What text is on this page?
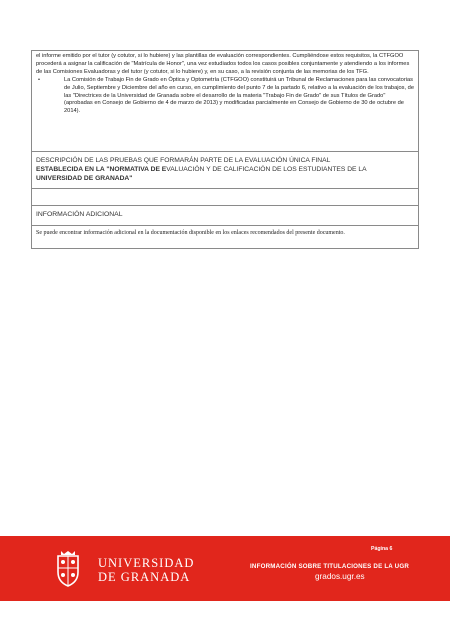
el informe emitido por el tutor (y cotutor, si lo hubiere) y las plantillas de evaluación correspondientes. Cumpliéndose estos requisitos, la CTFGOO procederá a asignar la calificación de "Matrícula de Honor", una vez estudiados todos los casos posibles conjuntamente y atendiendo a los informes de las Comisiones Evaluadoras y del tutor (y cotutor, si lo hubiere) y, en su caso, a la revisión conjunta de las memorias de los TFG.

•	La Comisión de Trabajo Fin de Grado en Óptica y Optometría (CTFGOO) constituirá un Tribunal de Reclamaciones para las convocatorias de Julio, Septiembre y Diciembre del año en curso, en cumplimiento del punto 7 de la partado 6, relativo a la evaluación de los trabajos, de las "Directrices de la Universidad de Granada sobre el desarrollo de la materia "Trabajo Fin de Grado" de sus Títulos de Grado" (aprobadas en Consejo de Gobierno de 4 de marzo de 2013) y modificadas parcialmente en Consejo de Gobierno de 30 de octubre de 2014).

DESCRIPCIÓN DE LAS PRUEBAS QUE FORMARÁN PARTE DE LA EVALUACIÓN ÚNICA FINAL
ESTABLECIDA EN LA "NORMATIVA DE EVALUACIÓN Y DE CALIFICACIÓN DE LOS ESTUDIANTES DE LA
UNIVERSIDAD DE GRANADA"
INFORMACIÓN ADICIONAL
Se puede encontrar información adicional en la documentación disponible en los enlaces recomendados del presente documento.
UNIVERSIDAD
DE GRANADA
Página 6
INFORMACIÓN SOBRE TITULACIONES DE LA UGR
grados.ugr.es
